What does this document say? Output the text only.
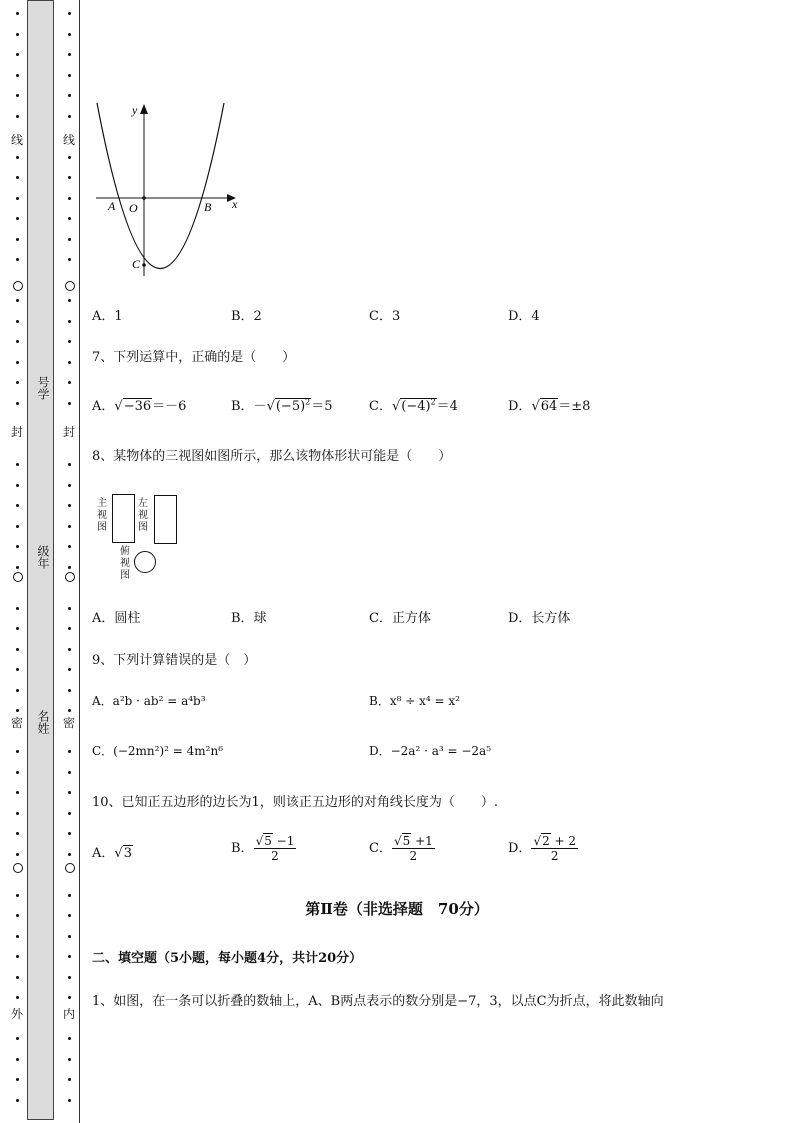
线
封
密
外
线
封
密
内
号学
级年
名姓
y
x
A O	B
C
A．1	B．2	C．3	D．4
7、下列运算中，正确的是（　　）
A．√−36＝－6	B．$-√(-5)^2=5$	C．$√(-4)^2=4$	D．√64＝±8
8、某物体的三视图如图所示，那么该物体形状可能是（　　）
主视图
左视图
俯视图
A．圆柱	B．球	C．正方体	D．长方体
9、下列计算错误的是（　）
A．a²b · ab² = a⁴b³	B．x⁸ ÷ x⁴ = x²
C．(−2mn²)² = 4m²n⁶	D．−2a² · a³ = −2a⁵
10、已知正五边形的边长为1，则该正五边形的对角线长度为（　　）.
A．√3	B． $\frac{√5 -1}{2}$	C． $\frac{√5 +1}{2}$	D． $\frac{√2 + 2}{2}$
第Ⅱ卷（非选择题　70分）
二、填空题（5小题，每小题4分，共计20分）
1、如图，在一条可以折叠的数轴上，A、B两点表示的数分别是−7，3，以点C为折点，将此数轴向
